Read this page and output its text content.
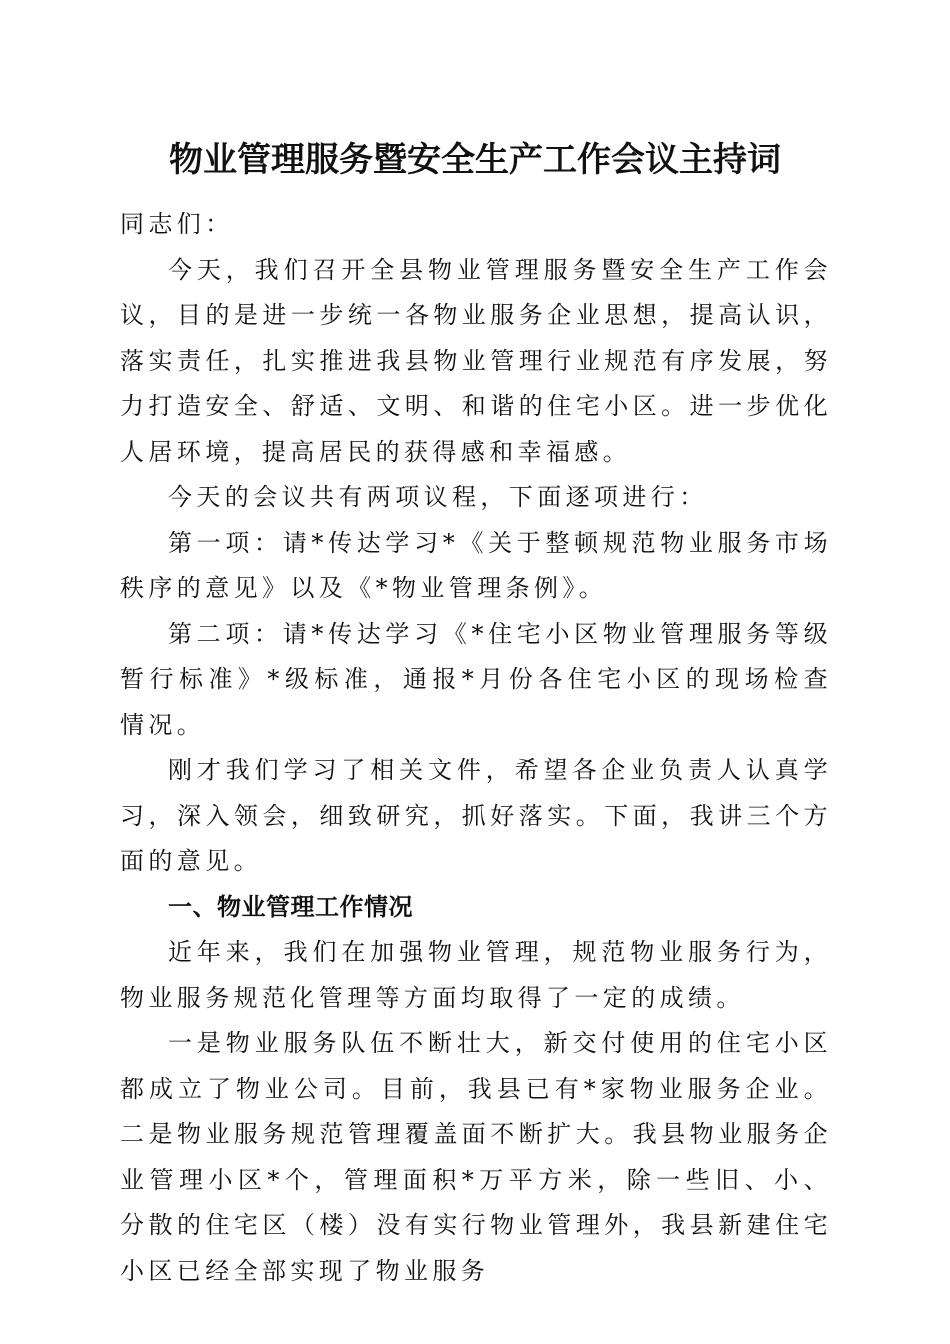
物业管理服务暨安全生产工作会议主持词

同志们：

今天，我们召开全县物业管理服务暨安全生产工作会议，目的是进一步统一各物业服务企业思想，提高认识，落实责任，扎实推进我县物业管理行业规范有序发展，努力打造安全、舒适、文明、和谐的住宅小区。进一步优化人居环境，提高居民的获得感和幸福感。

今天的会议共有两项议程，下面逐项进行：

第一项：请*传达学习*《关于整顿规范物业服务市场秩序的意见》以及《*物业管理条例》。

第二项：请*传达学习《*住宅小区物业管理服务等级暂行标准》*级标准，通报*月份各住宅小区的现场检查情况。

刚才我们学习了相关文件，希望各企业负责人认真学习，深入领会，细致研究，抓好落实。下面，我讲三个方面的意见。

一、物业管理工作情况

近年来，我们在加强物业管理，规范物业服务行为，物业服务规范化管理等方面均取得了一定的成绩。

一是物业服务队伍不断壮大，新交付使用的住宅小区都成立了物业公司。目前，我县已有*家物业服务企业。二是物业服务规范管理覆盖面不断扩大。我县物业服务企业管理小区*个，管理面积*万平方米，除一些旧、小、分散的住宅区（楼）没有实行物业管理外，我县新建住宅小区已经全部实现了物业服务
